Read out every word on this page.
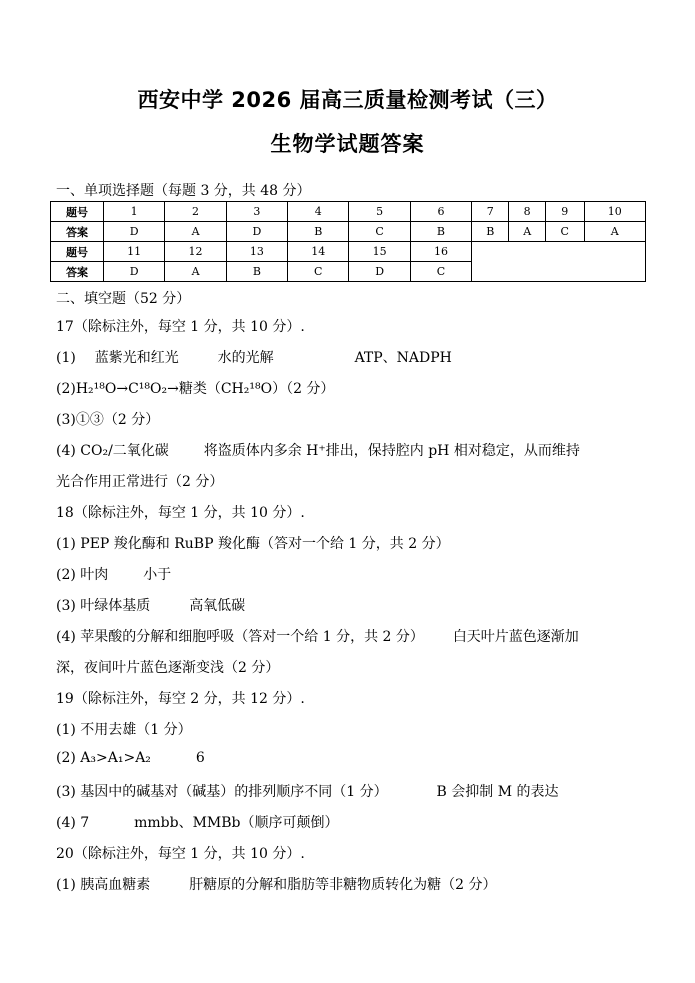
西安中学 2026 届高三质量检测考试（三）
生物学试题答案
一、单项选择题（每题 3 分，共 48 分）
题号	1	2	3	4	5	6	7	8	9	10
答案	D	A	D	B	C	B	B	A	C	A
题号	11	12	13	14	15	16				
答案	D	A	B	C	D	C				
二、填空题（52 分）
17（除标注外，每空 1 分，共 10 分）.
(1) 蓝紫光和红光	水的光解	ATP、NADPH
(2)H₂¹⁸O→C¹⁸O₂→糖类（CH₂¹⁸O）（2 分）
(3)①③（2 分）
(4) CO₂/二氧化碳 将盗质体内多余 H⁺排出，保持腔内 pH 相对稳定，从而维持
光合作用正常进行（2 分）
18（除标注外，每空 1 分，共 10 分）.
(1) PEP 羧化酶和 RuBP 羧化酶（答对一个给 1 分，共 2 分）
(2) 叶肉 小于
(3) 叶绿体基质	高氧低碳
(4) 苹果酸的分解和细胞呼吸（答对一个给 1 分，共 2 分） 白天叶片蓝色逐渐加
深，夜间叶片蓝色逐渐变浅（2 分）
19（除标注外，每空 2 分，共 12 分）.
(1) 不用去雄（1 分）
(2) A₃>A₁>A₂	6
(3) 基因中的碱基对（碱基）的排列顺序不同（1 分）	B 会抑制 M 的表达
(4) 7	mmbb、MMBb（顺序可颠倒）
20（除标注外，每空 1 分，共 10 分）.
(1) 胰高血糖素	肝糖原的分解和脂肪等非糖物质转化为糖（2 分）
